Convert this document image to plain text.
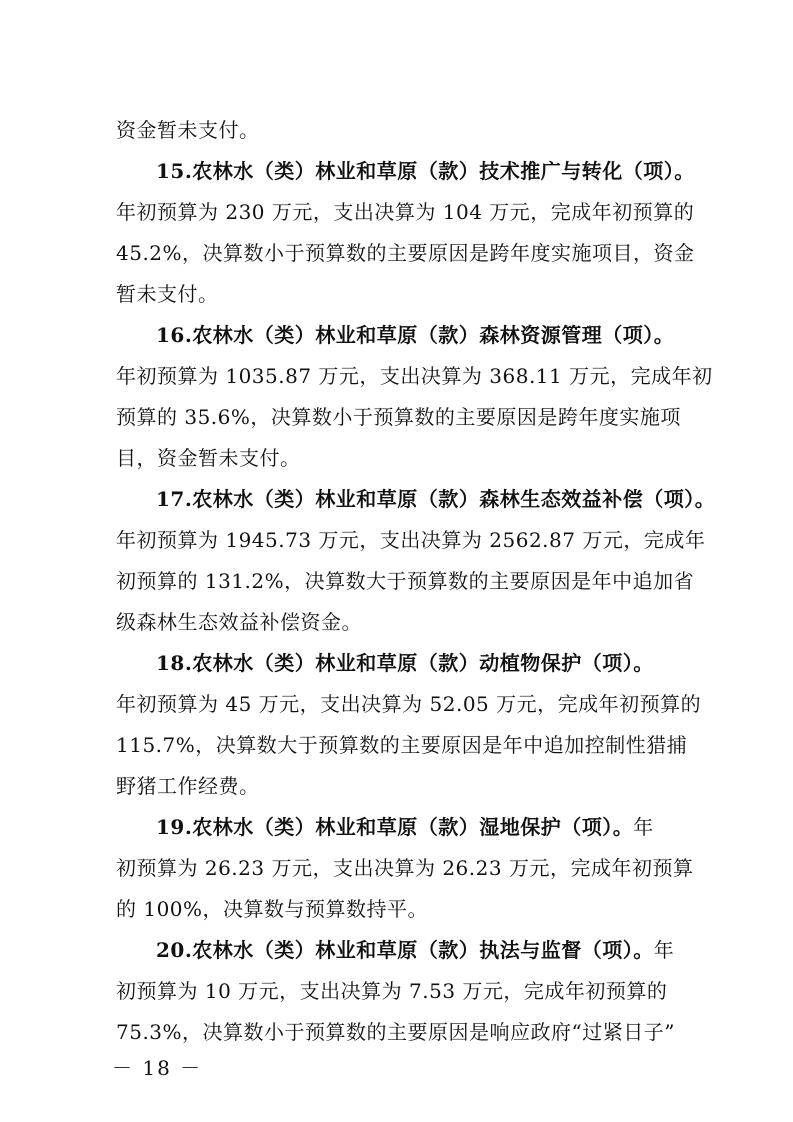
资金暂未支付。
15.农林水（类）林业和草原（款）技术推广与转化（项）。
年初预算为 230 万元，支出决算为 104 万元，完成年初预算的
45.2%，决算数小于预算数的主要原因是跨年度实施项目，资金
暂未支付。
16.农林水（类）林业和草原（款）森林资源管理（项）。
年初预算为 1035.87 万元，支出决算为 368.11 万元，完成年初
预算的 35.6%，决算数小于预算数的主要原因是跨年度实施项
目，资金暂未支付。
17.农林水（类）林业和草原（款）森林生态效益补偿（项）。
年初预算为 1945.73 万元，支出决算为 2562.87 万元，完成年
初预算的 131.2%，决算数大于预算数的主要原因是年中追加省
级森林生态效益补偿资金。
18.农林水（类）林业和草原（款）动植物保护（项）。
年初预算为 45 万元，支出决算为 52.05 万元，完成年初预算的
115.7%，决算数大于预算数的主要原因是年中追加控制性猎捕
野猪工作经费。
19.农林水（类）林业和草原（款）湿地保护（项）。年
初预算为 26.23 万元，支出决算为 26.23 万元，完成年初预算
的 100%，决算数与预算数持平。
20.农林水（类）林业和草原（款）执法与监督（项）。年
初预算为 10 万元，支出决算为 7.53 万元，完成年初预算的
75.3%，决算数小于预算数的主要原因是响应政府“过紧日子”
－ 18 －
